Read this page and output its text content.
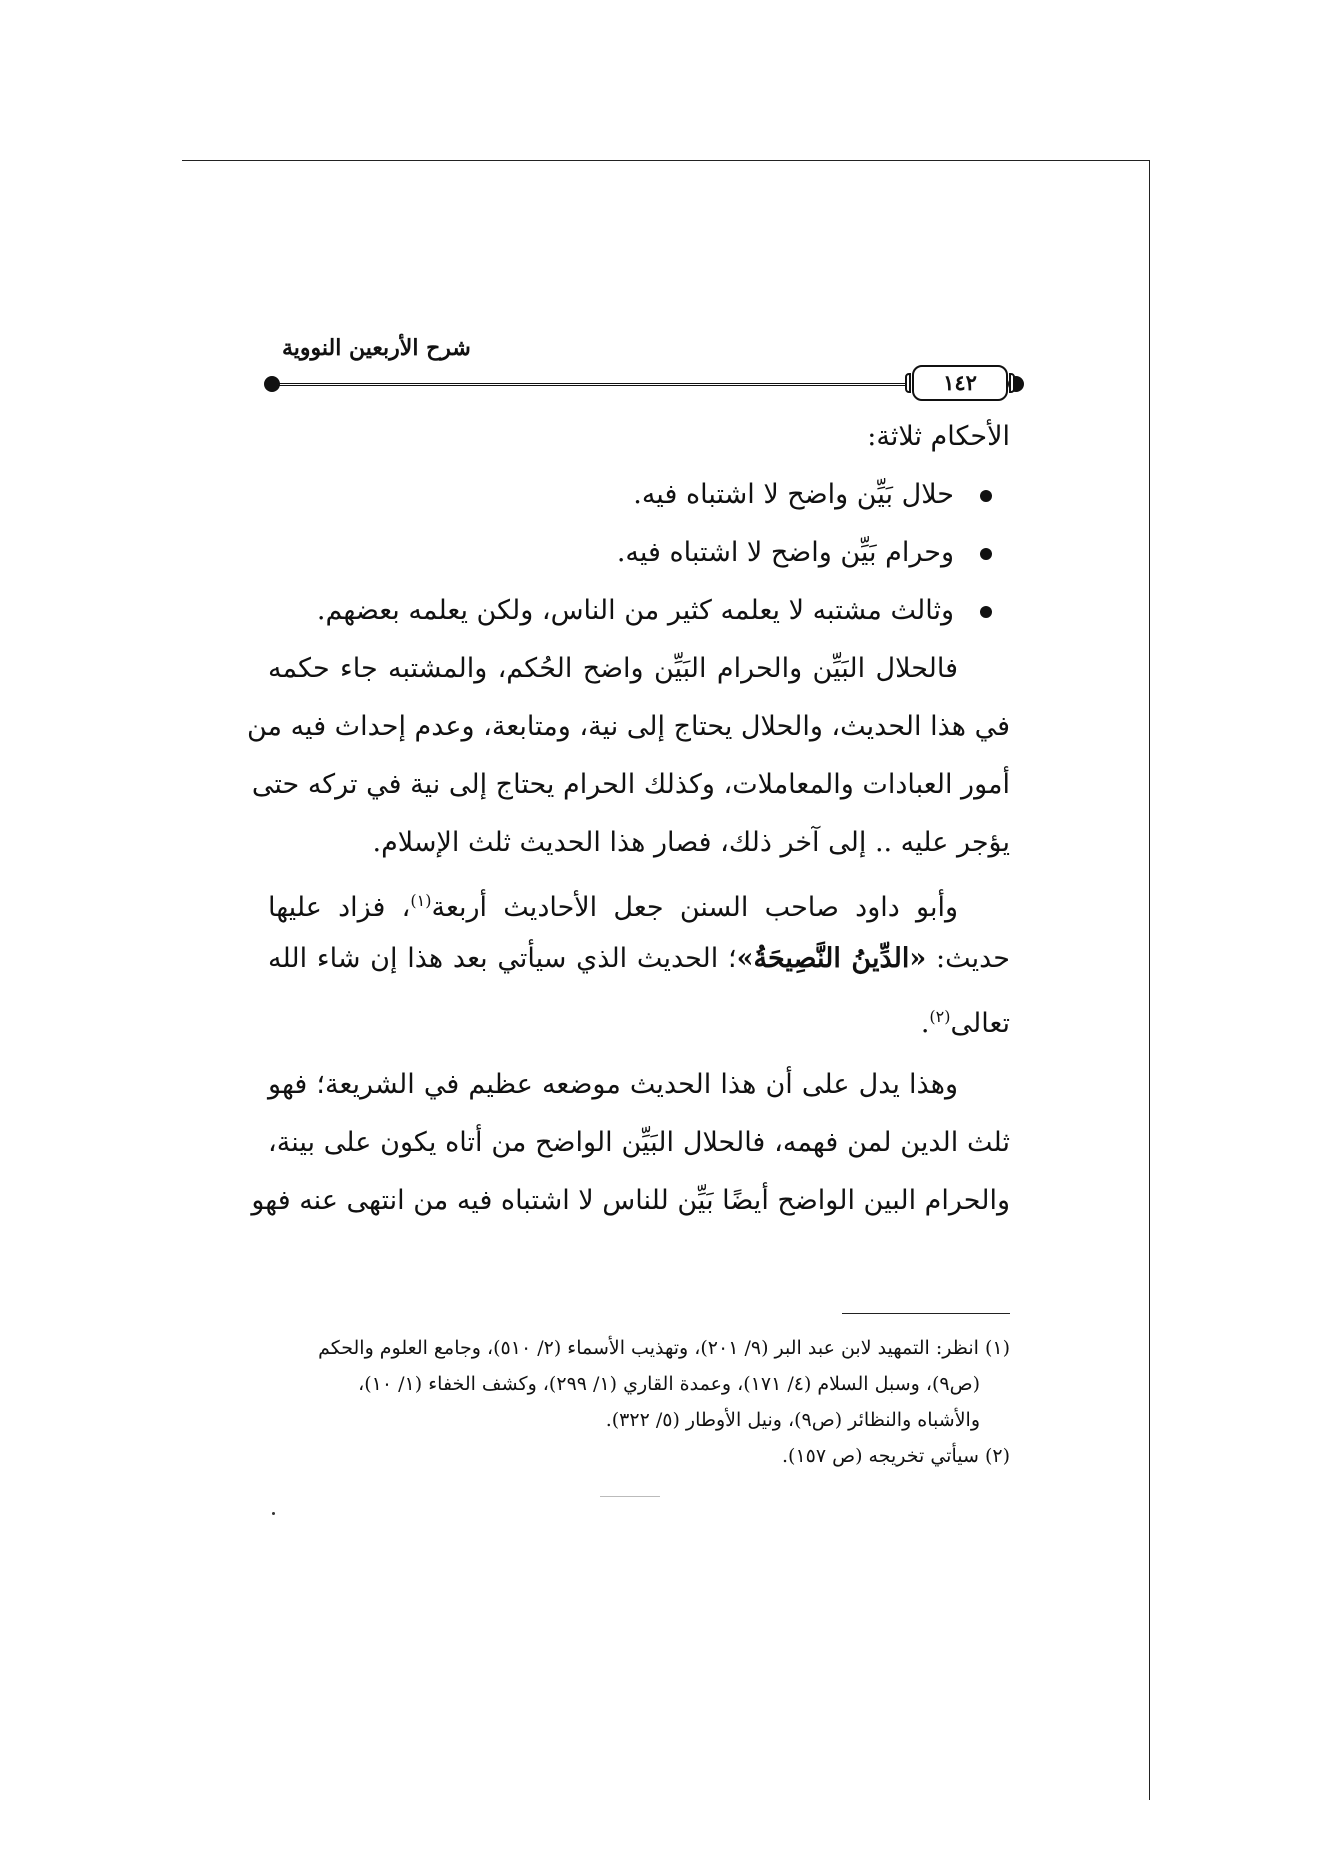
شرح الأربعين النووية
١٤٢
الأحكام ثلاثة:
حلال بَيِّن واضح لا اشتباه فيه.
وحرام بَيِّن واضح لا اشتباه فيه.
وثالث مشتبه لا يعلمه كثير من الناس، ولكن يعلمه بعضهم.
فالحلال البَيِّن والحرام البَيِّن واضح الحُكم، والمشتبه جاء حكمه
في هذا الحديث، والحلال يحتاج إلى نية، ومتابعة، وعدم إحداث فيه من
أمور العبادات والمعاملات، وكذلك الحرام يحتاج إلى نية في تركه حتى
يؤجر عليه .. إلى آخر ذلك، فصار هذا الحديث ثلث الإسلام.
وأبو داود صاحب السنن جعل الأحاديث أربعة$^{(١)}$، فزاد عليها
حديث: «الدِّينُ النَّصِيحَةُ»؛ الحديث الذي سيأتي بعد هذا إن شاء الله
تعالى$^{(٢)}$.
وهذا يدل على أن هذا الحديث موضعه عظيم في الشريعة؛ فهو
ثلث الدين لمن فهمه، فالحلال البَيِّن الواضح من أتاه يكون على بينة،
والحرام البين الواضح أيضًا بَيِّن للناس لا اشتباه فيه من انتهى عنه فهو
(١) انظر: التمهيد لابن عبد البر (٩/ ٢٠١)، وتهذيب الأسماء (٢/ ٥١٠)، وجامع العلوم والحكم
(ص٩)، وسبل السلام (٤/ ١٧١)، وعمدة القاري (١/ ٢٩٩)، وكشف الخفاء (١/ ١٠)،
والأشباه والنظائر (ص٩)، ونيل الأوطار (٥/ ٣٢٢).
(٢) سيأتي تخريجه (ص ١٥٧).
